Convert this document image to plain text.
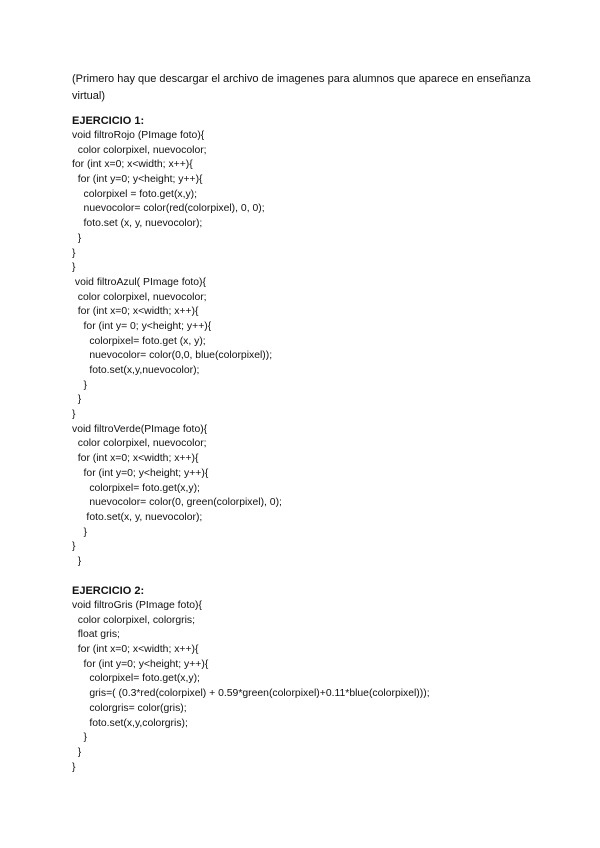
(Primero hay que descargar el archivo de imagenes para alumnos que aparece en enseñanza virtual)
EJERCICIO 1:
void filtroRojo (PImage foto){
color colorpixel, nuevocolor;
for (int x=0; x<width; x++){
for (int y=0; y<height; y++){
colorpixel = foto.get(x,y);
nuevocolor= color(red(colorpixel), 0, 0);
foto.set (x, y, nuevocolor);
}
}
}
void filtroAzul( PImage foto){
color colorpixel, nuevocolor;
for (int x=0; x<width; x++){
for (int y= 0; y<height; y++){
colorpixel= foto.get (x, y);
nuevocolor= color(0,0, blue(colorpixel));
foto.set(x,y,nuevocolor);
}
}
}
void filtroVerde(PImage foto){
color colorpixel, nuevocolor;
for (int x=0; x<width; x++){
for (int y=0; y<height; y++){
colorpixel= foto.get(x,y);
nuevocolor= color(0, green(colorpixel), 0);
foto.set(x, y, nuevocolor);
}
}
}
EJERCICIO 2:
void filtroGris (PImage foto){
color colorpixel, colorgris;
float gris;
for (int x=0; x<width; x++){
for (int y=0; y<height; y++){
colorpixel= foto.get(x,y);
gris=( (0.3*red(colorpixel) + 0.59*green(colorpixel)+0.11*blue(colorpixel)));
colorgris= color(gris);
foto.set(x,y,colorgris);
}
}
}
